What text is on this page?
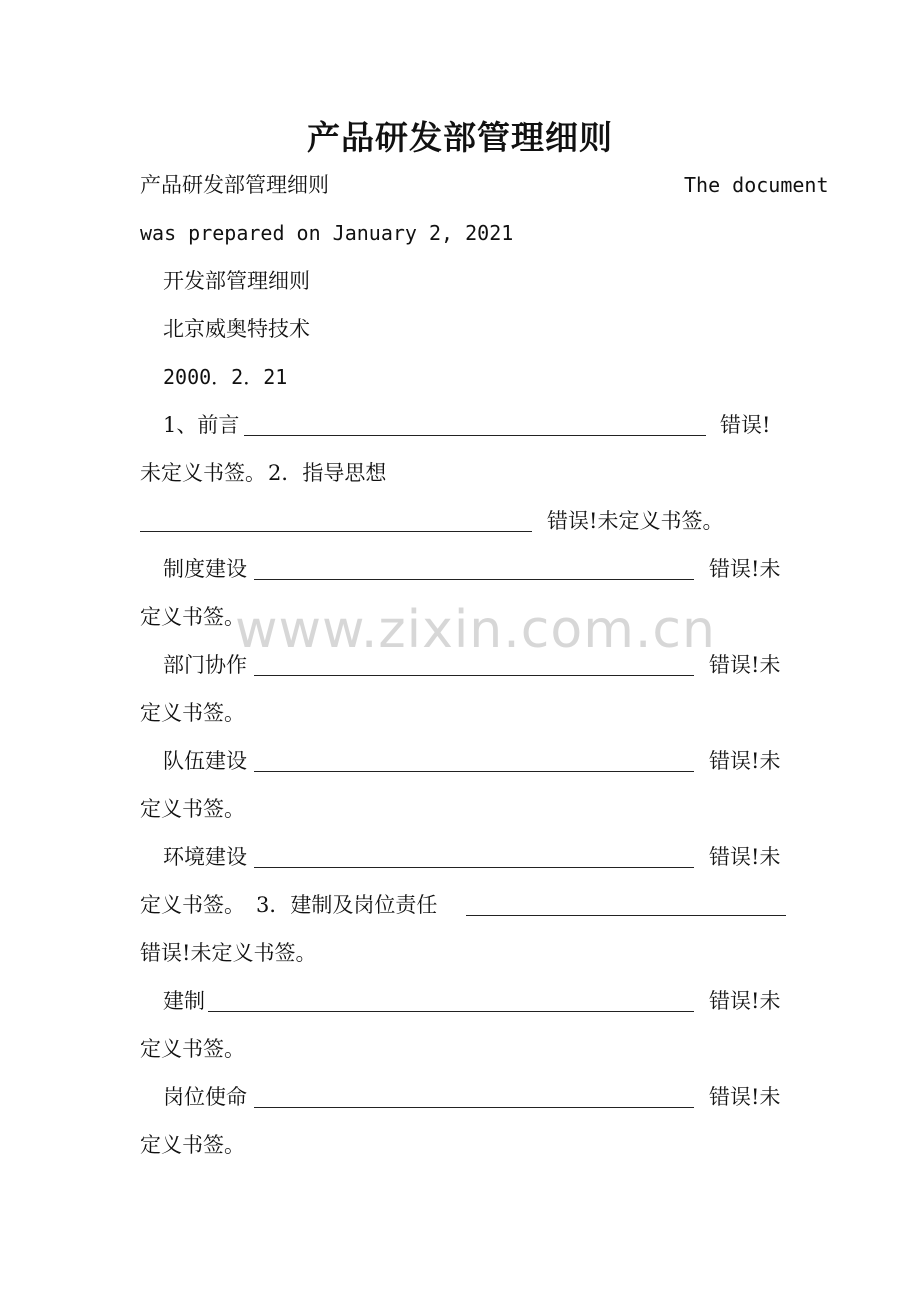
产品研发部管理细则
产品研发部管理细则	The document
was prepared on January 2, 2021
开发部管理细则
北京威奥特技术
2000．2．21
1、前言	错误!
未定义书签。 2．指导思想
错误!未定义书签。
制度建设	错误!未
定义书签。
部门协作	错误!未
定义书签。
队伍建设	错误!未
定义书签。
环境建设	错误!未
定义书签。 3．建制及岗位责任
错误!未定义书签。
建制	错误!未
定义书签。
岗位使命	错误!未
定义书签。
www.zixin.com.cn
